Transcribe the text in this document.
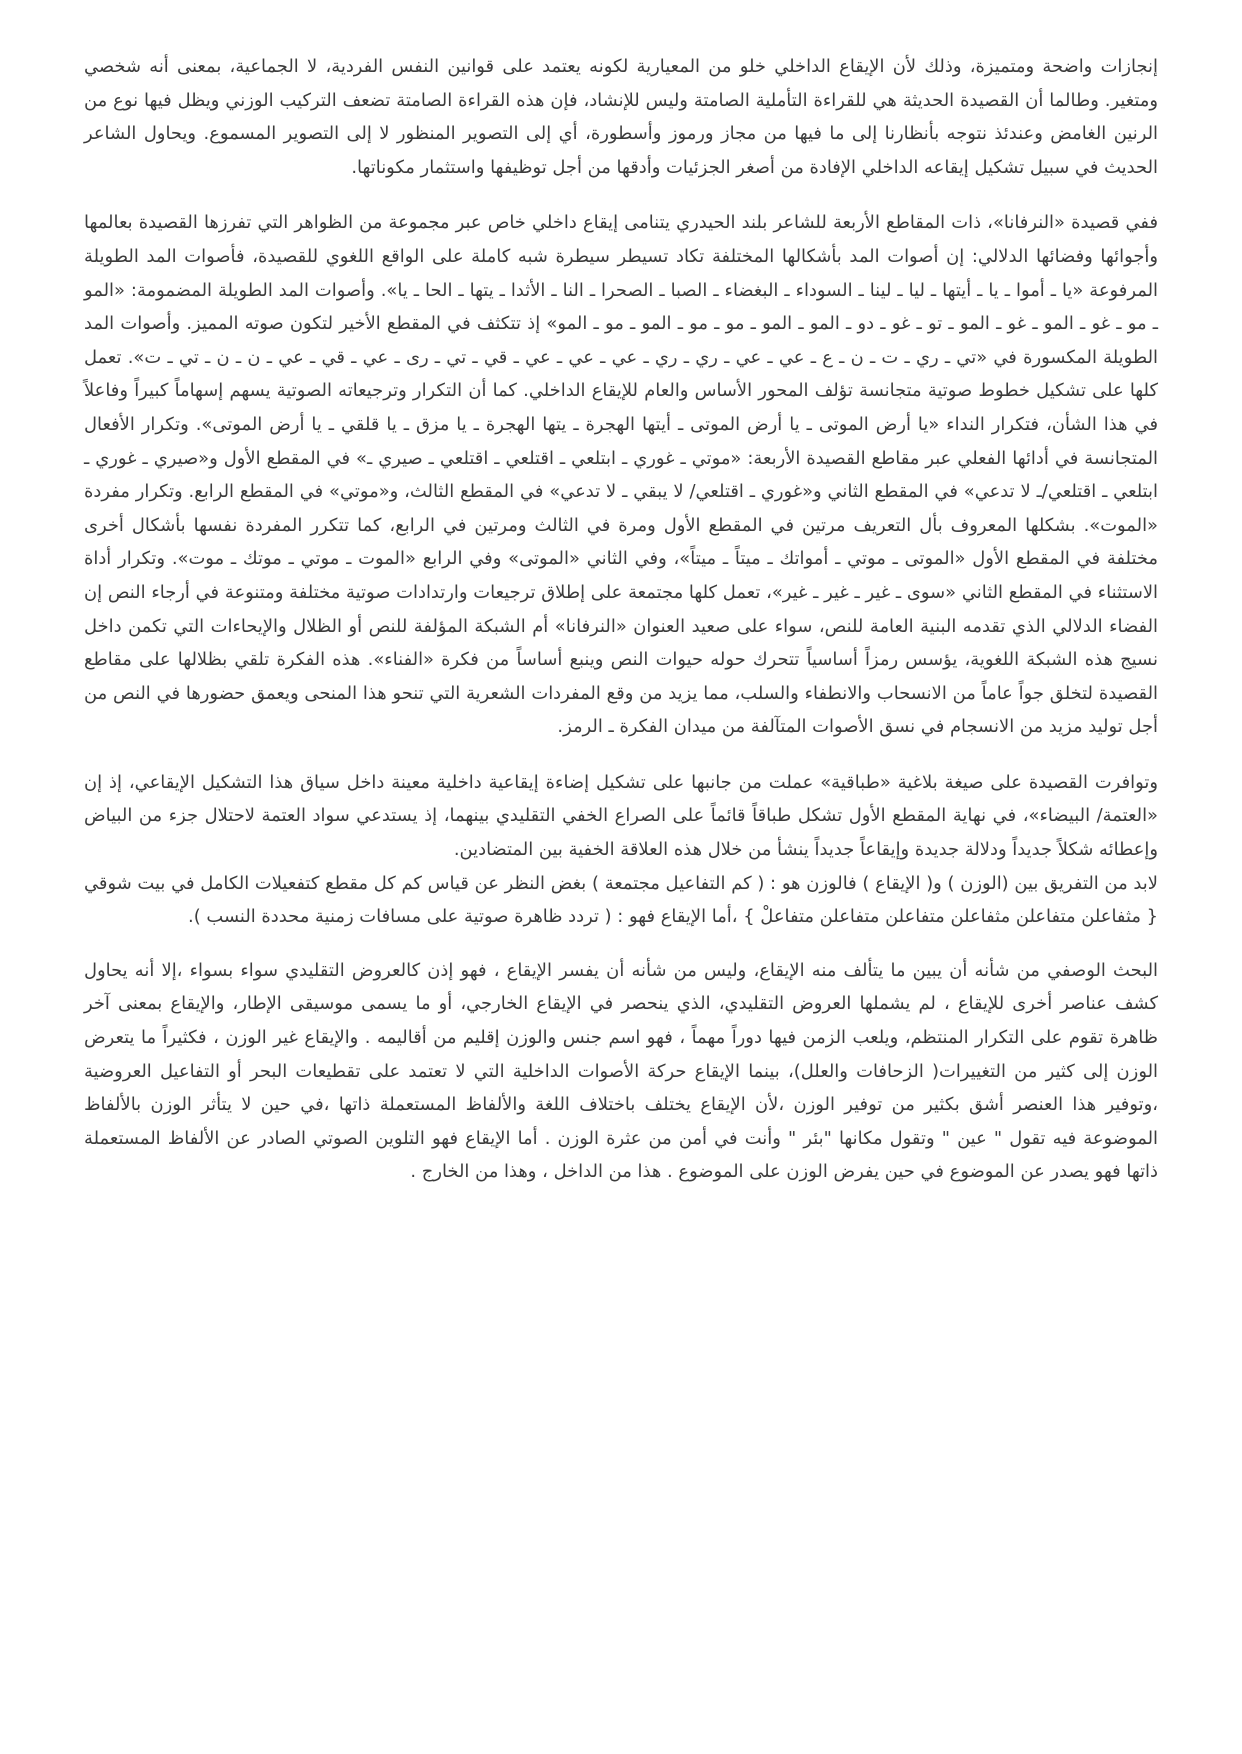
إنجازات واضحة ومتميزة، وذلك لأن الإيقاع الداخلي خلو من المعيارية لكونه يعتمد على قوانين النفس الفردية، لا الجماعية، بمعنى أنه شخصي ومتغير. وطالما أن القصيدة الحديثة هي للقراءة التأملية الصامتة وليس للإنشاد، فإن هذه القراءة الصامتة تضعف التركيب الوزني ويظل فيها نوع من الرنين الغامض وعندئذ نتوجه بأنظارنا إلى ما فيها من مجاز ورموز وأسطورة، أي إلى التصوير المنظور لا إلى التصوير المسموع. ويحاول الشاعر الحديث في سبيل تشكيل إيقاعه الداخلي الإفادة من أصغر الجزئيات وأدقها من أجل توظيفها واستثمار مكوناتها.

ففي قصيدة «النرفانا»، ذات المقاطع الأربعة للشاعر بلند الحيدري يتنامى إيقاع داخلي خاص عبر مجموعة من الظواهر التي تفرزها القصيدة بعالمها وأجوائها وفضائها الدلالي: إن أصوات المد بأشكالها المختلفة تكاد تسيطر سيطرة شبه كاملة على الواقع اللغوي للقصيدة، فأصوات المد الطويلة المرفوعة «يا ـ أموا ـ يا ـ أيتها ـ ليا ـ لينا ـ السوداء ـ البغضاء ـ الصبا ـ الصحرا ـ النا ـ الأثدا ـ يتها ـ الحا ـ يا». وأصوات المد الطويلة المضمومة: «المو ـ مو ـ غو ـ المو ـ غو ـ المو ـ تو ـ غو ـ دو ـ المو ـ المو ـ مو ـ مو ـ المو ـ مو ـ المو» إذ تتكثف في المقطع الأخير لتكون صوته المميز. وأصوات المد الطويلة المكسورة في «تي ـ ري ـ ت ـ ن ـ ع ـ عي ـ عي ـ ري ـ ري ـ عي ـ عي ـ عي ـ قي ـ تي ـ رى ـ عي ـ قي ـ عي ـ ن ـ ن ـ تي ـ ت». تعمل كلها على تشكيل خطوط صوتية متجانسة تؤلف المحور الأساس والعام للإيقاع الداخلي. كما أن التكرار وترجيعاته الصوتية يسهم إسهاماً كبيراً وفاعلاً في هذا الشأن، فتكرار النداء «يا أرض الموتى ـ يا أرض الموتى ـ أيتها الهجرة ـ يتها الهجرة ـ يا مزق ـ يا قلقي ـ يا أرض الموتى». وتكرار الأفعال المتجانسة في أدائها الفعلي عبر مقاطع القصيدة الأربعة: «موتي ـ غوري ـ ابتلعي ـ اقتلعي ـ اقتلعي ـ صيري ـ» في المقطع الأول و«صيري ـ غوري ـ ابتلعي ـ اقتلعي/ـ لا تدعي» في المقطع الثاني و«غوري ـ اقتلعي/ لا يبقي ـ لا تدعي» في المقطع الثالث، و«موتي» في المقطع الرابع. وتكرار مفردة «الموت». بشكلها المعروف بأل التعريف مرتين في المقطع الأول ومرة في الثالث ومرتين في الرابع، كما تتكرر المفردة نفسها بأشكال أخرى مختلفة في المقطع الأول «الموتى ـ موتي ـ أمواتك ـ ميتاً ـ ميتاً»، وفي الثاني «الموتى» وفي الرابع «الموت ـ موتي ـ موتك ـ موت». وتكرار أداة الاستثناء في المقطع الثاني «سوى ـ غير ـ غير ـ غير»، تعمل كلها مجتمعة على إطلاق ترجيعات وارتدادات صوتية مختلفة ومتنوعة في أرجاء النص إن الفضاء الدلالي الذي تقدمه البنية العامة للنص، سواء على صعيد العنوان «النرفانا» أم الشبكة المؤلفة للنص أو الظلال والإيحاءات التي تكمن داخل نسيج هذه الشبكة اللغوية، يؤسس رمزاً أساسياً تتحرك حوله حيوات النص وينبع أساساً من فكرة «الفناء». هذه الفكرة تلقي بظلالها على مقاطع القصيدة لتخلق جواً عاماً من الانسحاب والانطفاء والسلب، مما يزيد من وقع المفردات الشعرية التي تنحو هذا المنحى ويعمق حضورها في النص من أجل توليد مزيد من الانسجام في نسق الأصوات المتآلفة من ميدان الفكرة ـ الرمز.

وتوافرت القصيدة على صيغة بلاغية «طباقية» عملت من جانبها على تشكيل إضاءة إيقاعية داخلية معينة داخل سياق هذا التشكيل الإيقاعي، إذ إن «العتمة/ البيضاء»، في نهاية المقطع الأول تشكل طباقاً قائماً على الصراع الخفي التقليدي بينهما، إذ يستدعي سواد العتمة لاحتلال جزء من البياض وإعطائه شكلاً جديداً ودلالة جديدة وإيقاعاً جديداً ينشأ من خلال هذه العلاقة الخفية بين المتضادين.

لابد من التفريق بين (الوزن ) و( الإيقاع ) فالوزن هو : ( كم التفاعيل مجتمعة ) بغض النظر عن قياس كم كل مقطع كتفعيلات الكامل في بيت شوقي { مثفاعلن متفاعلن مثفاعلن متفاعلن متفاعلن متفاعلْ } ،أما الإيقاع فهو : ( تردد ظاهرة صوتية على مسافات زمنية محددة النسب ).

البحث الوصفي من شأنه أن يبين ما يتألف منه الإيقاع، وليس من شأنه أن يفسر الإيقاع ، فهو إذن كالعروض التقليدي سواء بسواء ،إلا أنه يحاول كشف عناصر أخرى للإيقاع ، لم يشملها العروض التقليدي، الذي ينحصر في الإيقاع الخارجي، أو ما يسمى موسيقى الإطار، والإيقاع بمعنى آخر ظاهرة تقوم على التكرار المنتظم، ويلعب الزمن فيها دوراً مهماً ، فهو اسم جنس والوزن إقليم من أقاليمه . والإيقاع غير الوزن ، فكثيراً ما يتعرض الوزن إلى كثير من التغييرات( الزحافات والعلل)، بينما الإيقاع حركة الأصوات الداخلية التي لا تعتمد على تقطيعات البحر أو التفاعيل العروضية ،وتوفير هذا العنصر أشق بكثير من توفير الوزن ،لأن الإيقاع يختلف باختلاف اللغة والألفاظ المستعملة ذاتها ،في حين لا يتأثر الوزن بالألفاظ الموضوعة فيه تقول " عين " وتقول مكانها "بئر " وأنت في أمن من عثرة الوزن . أما الإيقاع فهو التلوين الصوتي الصادر عن الألفاظ المستعملة ذاتها فهو يصدر عن الموضوع في حين يفرض الوزن على الموضوع . هذا من الداخل ، وهذا من الخارج .
